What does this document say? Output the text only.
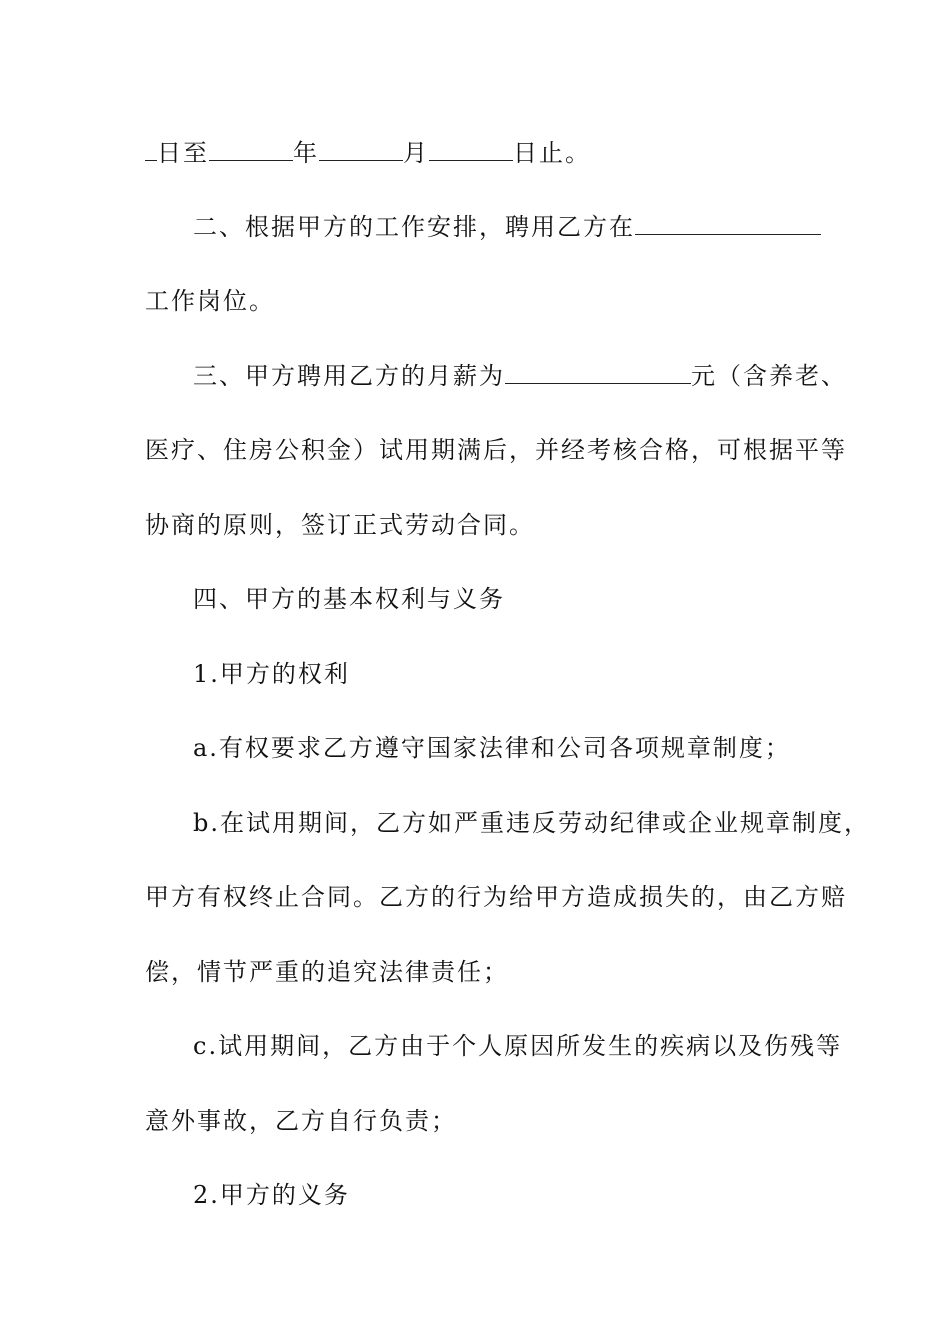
日至	年	月	日止。
二、根据甲方的工作安排，聘用乙方在
工作岗位。
三、甲方聘用乙方的月薪为	元（含养老、
医疗、住房公积金）试用期满后，并经考核合格，可根据平等
协商的原则，签订正式劳动合同。
四、甲方的基本权利与义务
1.甲方的权利
a.有权要求乙方遵守国家法律和公司各项规章制度；
b.在试用期间，乙方如严重违反劳动纪律或企业规章制度，
甲方有权终止合同。乙方的行为给甲方造成损失的，由乙方赔
偿，情节严重的追究法律责任；
c.试用期间，乙方由于个人原因所发生的疾病以及伤残等
意外事故，乙方自行负责；
2.甲方的义务
